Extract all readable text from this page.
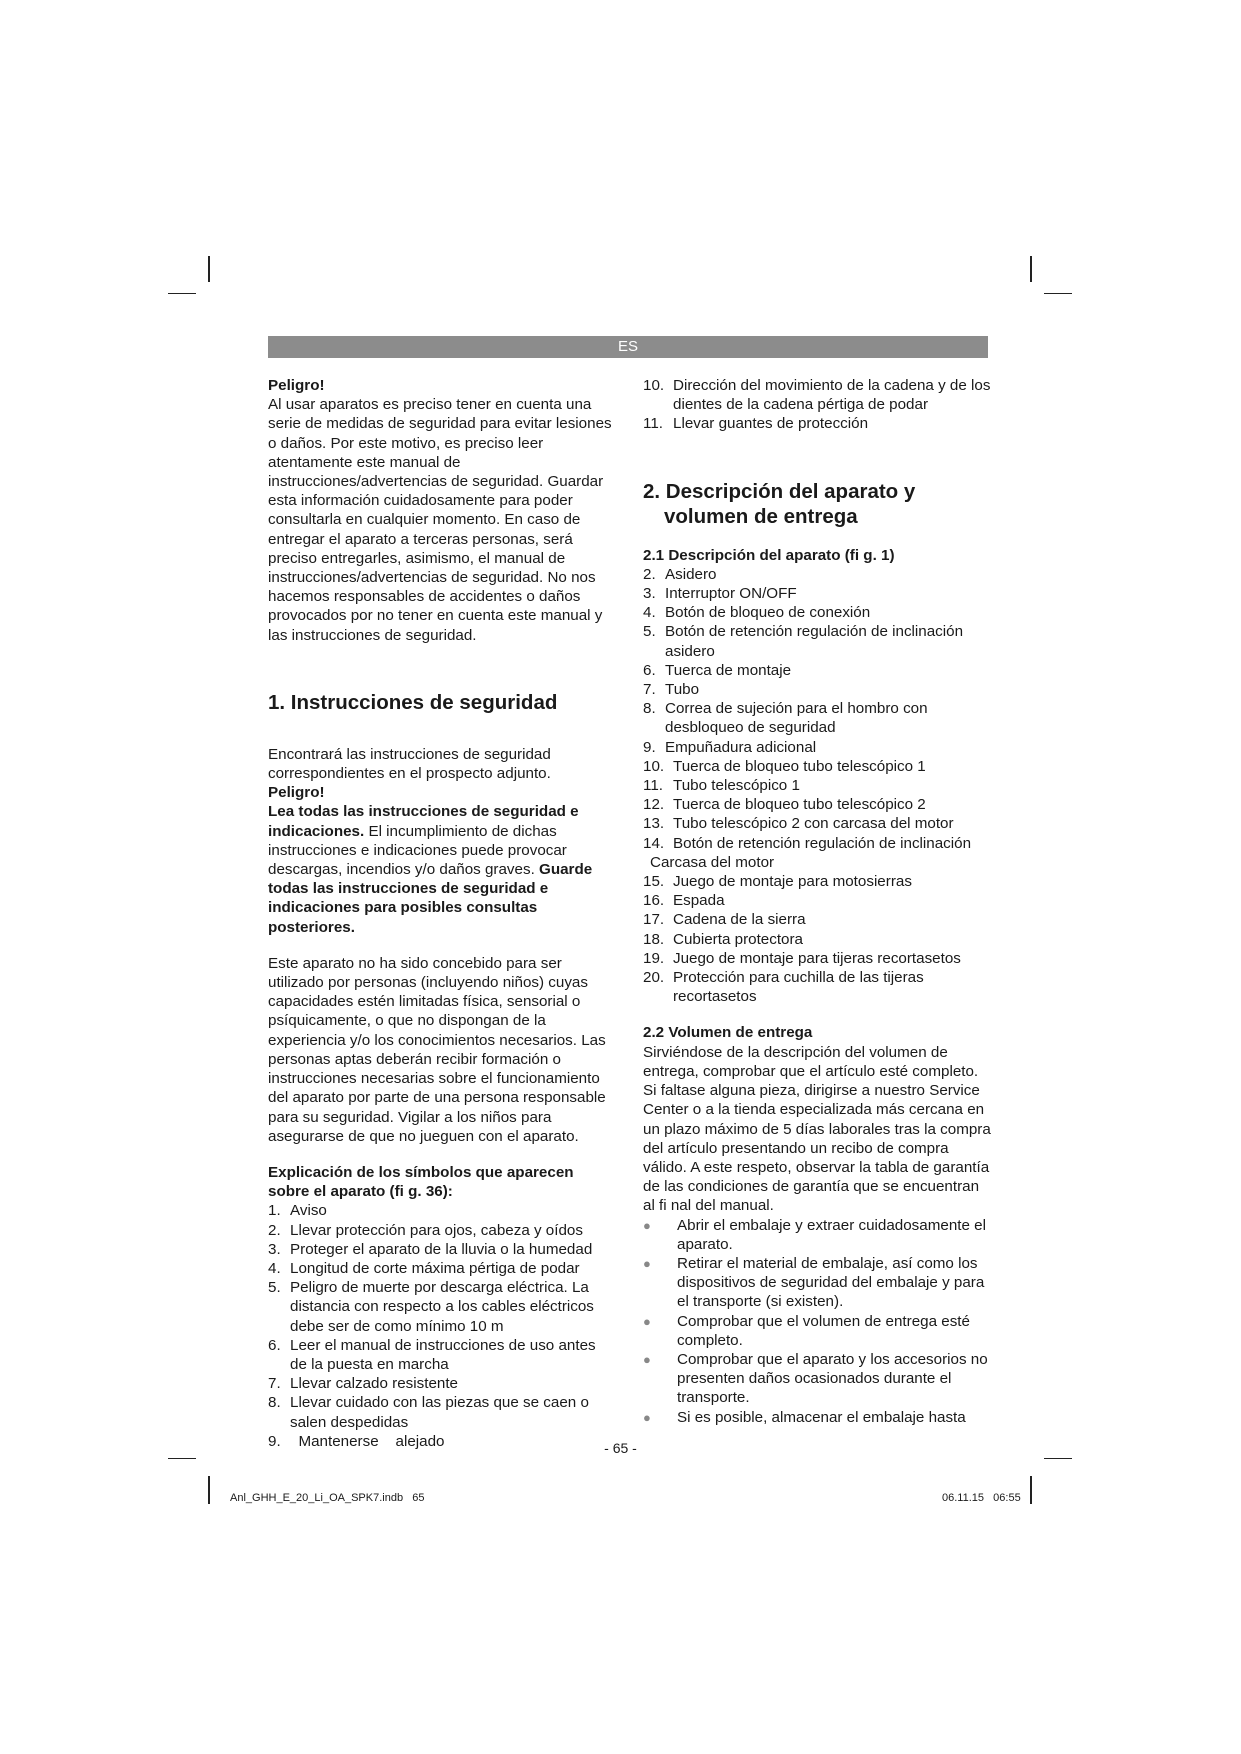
ES

Peligro!

Al usar aparatos es preciso tener en cuenta una serie de medidas de seguridad para evitar lesiones o daños. Por este motivo, es preciso leer atentamente este manual de instrucciones/advertencias de seguridad. Guardar esta información cuidadosamente para poder consultarla en cualquier momento. En caso de entregar el aparato a terceras personas, será preciso entregarles, asimismo, el manual de instrucciones/advertencias de seguridad. No nos hacemos responsables de accidentes o daños provocados por no tener en cuenta este manual y las instrucciones de seguridad.

1. Instrucciones de seguridad

Encontrará las instrucciones de seguridad correspondientes en el prospecto adjunto.

Peligro!

Lea todas las instrucciones de seguridad e indicaciones. El incumplimiento de dichas instrucciones e indicaciones puede provocar descargas, incendios y/o daños graves. Guarde todas las instrucciones de seguridad e indicaciones para posibles consultas posteriores.

Este aparato no ha sido concebido para ser utilizado por personas (incluyendo niños) cuyas capacidades estén limitadas física, sensorial o psíquicamente, o que no dispongan de la experiencia y/o los conocimientos necesarios. Las personas aptas deberán recibir formación o instrucciones necesarias sobre el funcionamiento del aparato por parte de una persona responsable para su seguridad. Vigilar a los niños para asegurarse de que no jueguen con el aparato.

Explicación de los símbolos que aparecen sobre el aparato (fi g. 36):

1. Aviso
2. Llevar protección para ojos, cabeza y oídos
3. Proteger el aparato de la lluvia o la humedad
4. Longitud de corte máxima pértiga de podar
5. Peligro de muerte por descarga eléctrica. La distancia con respecto a los cables eléctricos debe ser de como mínimo 10 m
6. Leer el manual de instrucciones de uso antes de la puesta en marcha
7. Llevar calzado resistente
8. Llevar cuidado con las piezas que se caen o salen despedidas
9. Mantenerse    alejado
10. Dirección del movimiento de la cadena y de los dientes de la cadena pértiga de podar
11. Llevar guantes de protección

2. Descripción del aparato y
volumen de entrega

2.1 Descripción del aparato (fi g. 1)

2. Asidero
3. Interruptor ON/OFF
4. Botón de bloqueo de conexión
5. Botón de retención regulación de inclinación asidero
6. Tuerca de montaje
7. Tubo
8. Correa de sujeción para el hombro con desbloqueo de seguridad
9. Empuñadura adicional
10. Tuerca de bloqueo tubo telescópico 1
11. Tubo telescópico 1
12. Tuerca de bloqueo tubo telescópico 2
13. Tubo telescópico 2 con carcasa del motor
14. Botón de retención regulación de inclinación

Carcasa del motor

15. Juego de montaje para motosierras
16. Espada
17. Cadena de la sierra
18. Cubierta protectora
19. Juego de montaje para tijeras recortasetos
20. Protección para cuchilla de las tijeras recortasetos

2.2 Volumen de entrega

Sirviéndose de la descripción del volumen de entrega, comprobar que el artículo esté completo. Si faltase alguna pieza, dirigirse a nuestro Service Center o a la tienda especializada más cercana en un plazo máximo de 5 días laborales tras la compra del artículo presentando un recibo de compra válido. A este respeto, observar la tabla de garantía de las condiciones de garantía que se encuentran al fi nal del manual.

●	Abrir el embalaje y extraer cuidadosamente el aparato.
●	Retirar el material de embalaje, así como los dispositivos de seguridad del embalaje y para el transporte (si existen).
●	Comprobar que el volumen de entrega esté completo.
●	Comprobar que el aparato y los accesorios no presenten daños ocasionados durante el transporte.
●	Si es posible, almacenar el embalaje hasta
- 65 -
Anl_GHH_E_20_Li_OA_SPK7.indb   65	06.11.15   06:55
